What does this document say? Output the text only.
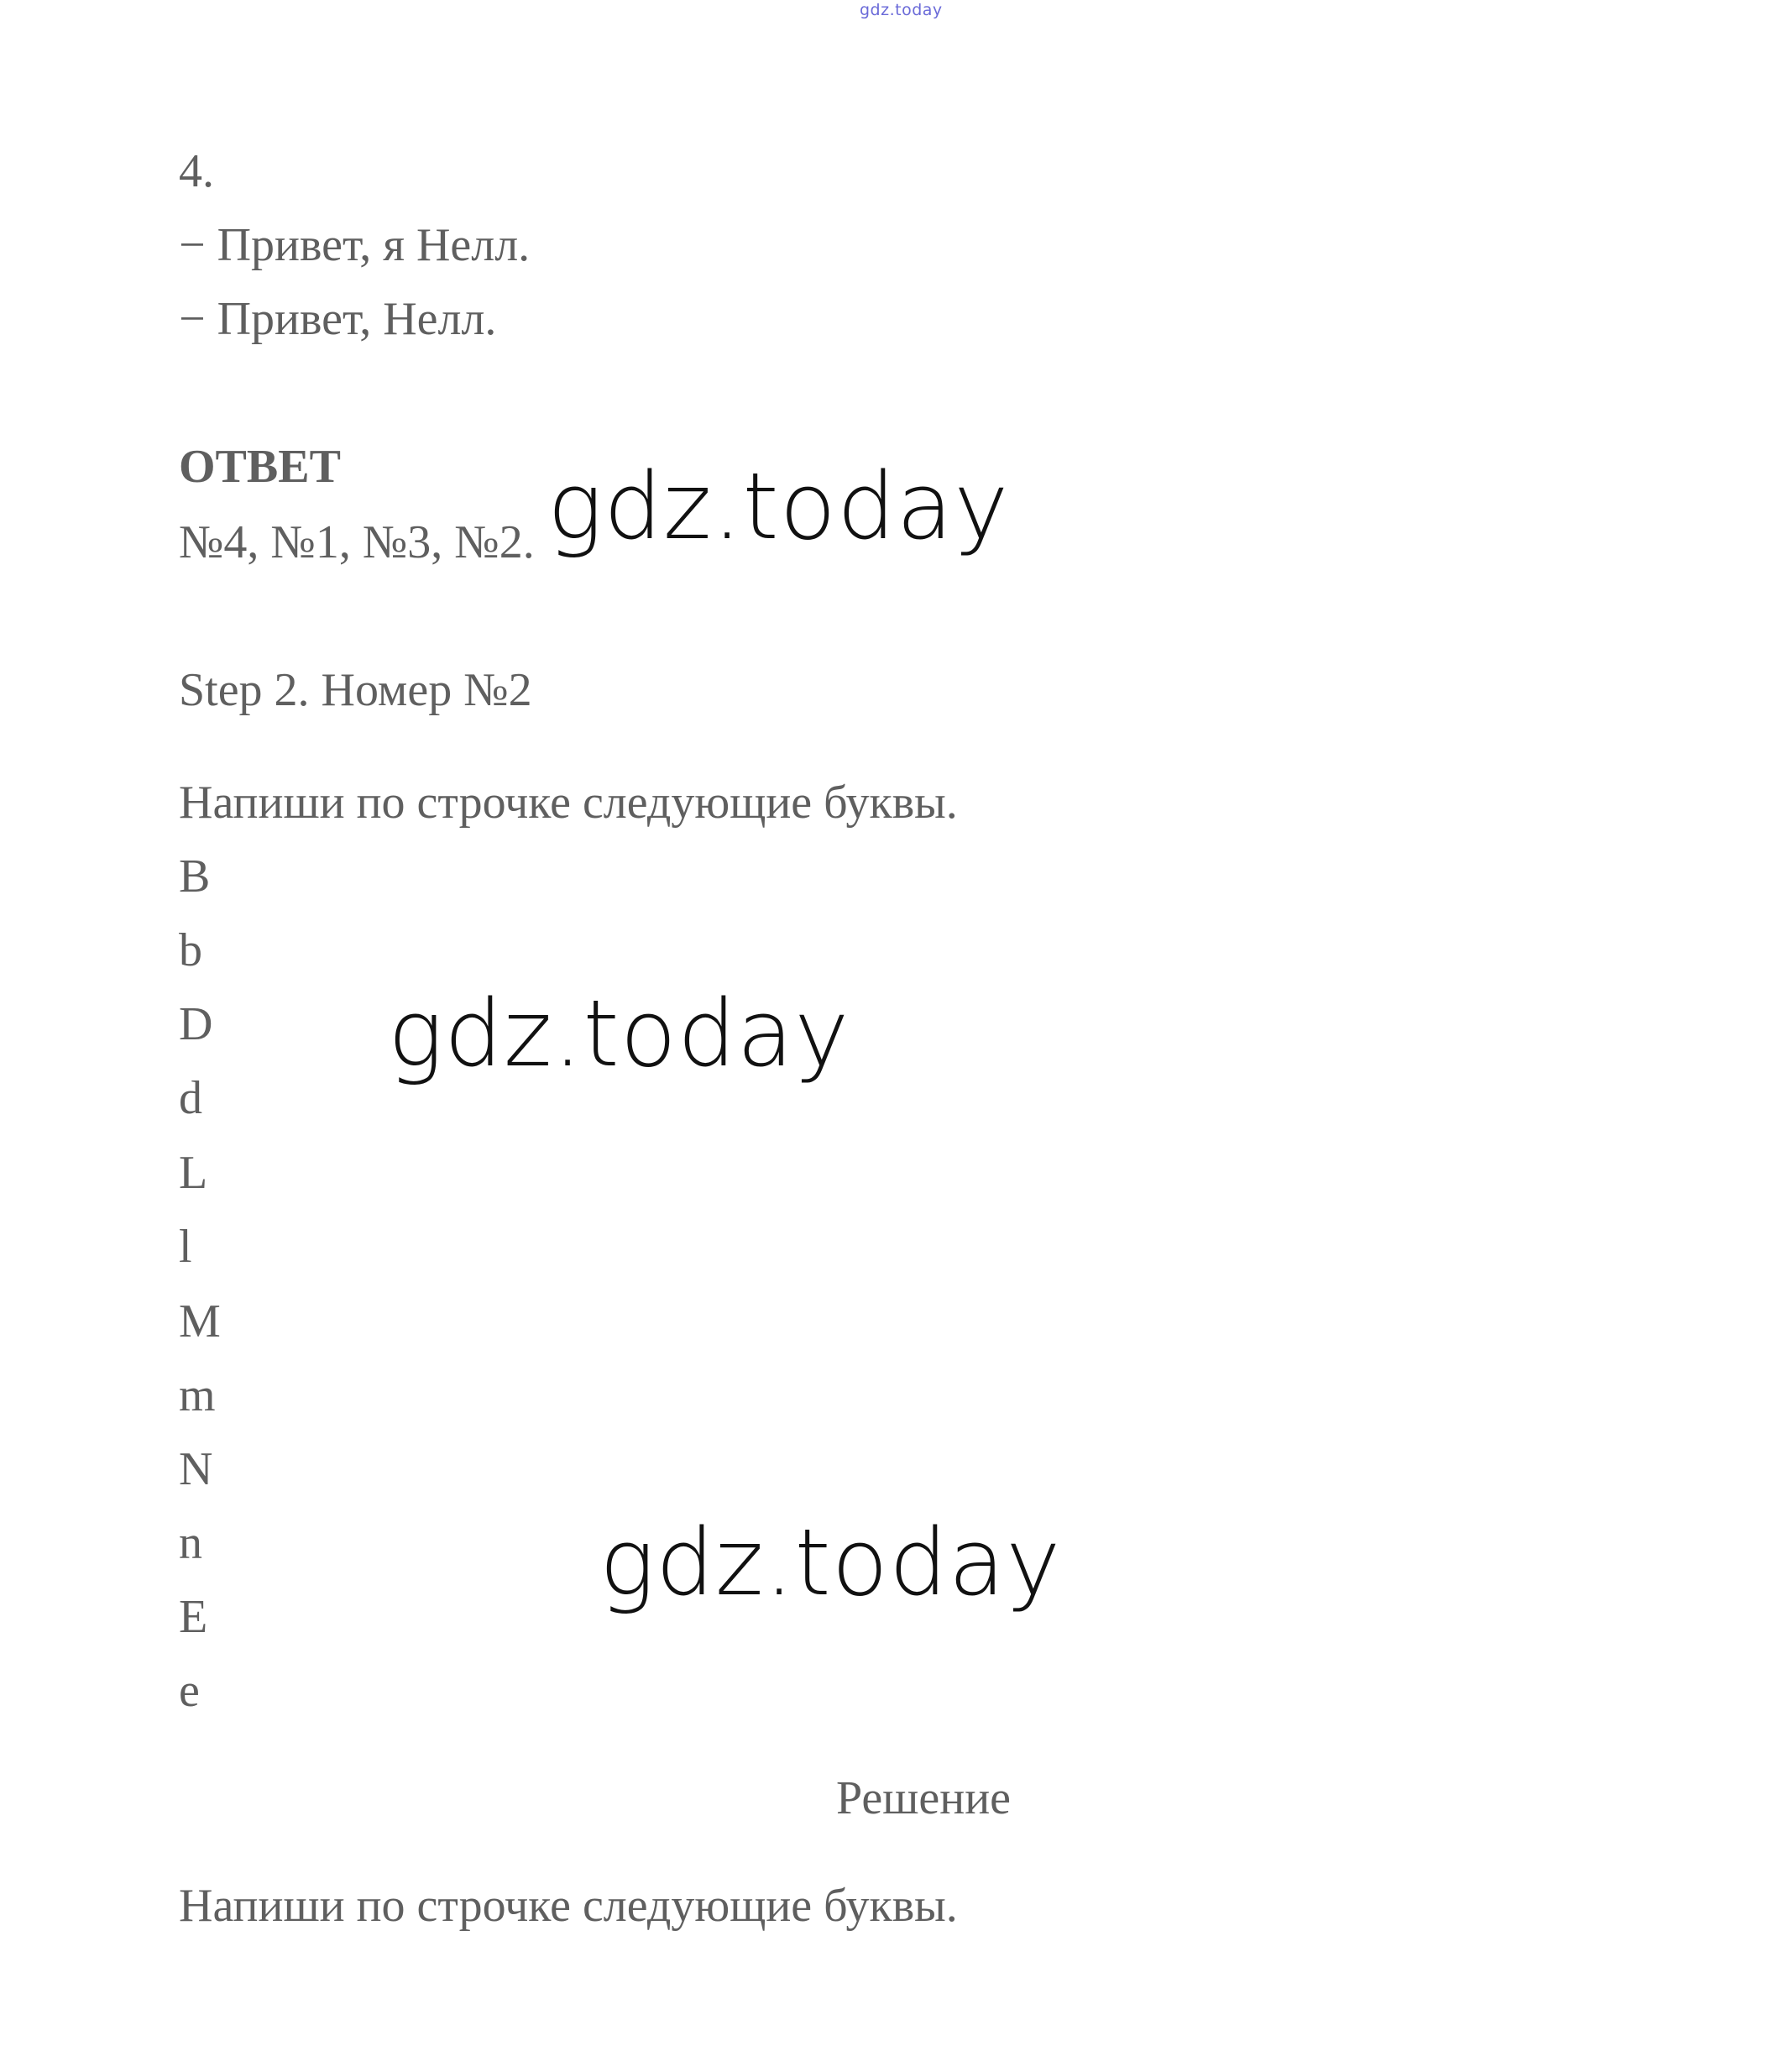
gdz.today
4.
− Привет, я Нелл.
− Привет, Нелл.
ОТВЕТ
№4, №1, №3, №2.
Step 2. Номер №2
Напиши по строчке следующие буквы.
B
b
D
d
L
l
M
m
N
n
E
e
Решение
Напиши по строчке следующие буквы.
gdz.today
gdz.today
gdz.today
